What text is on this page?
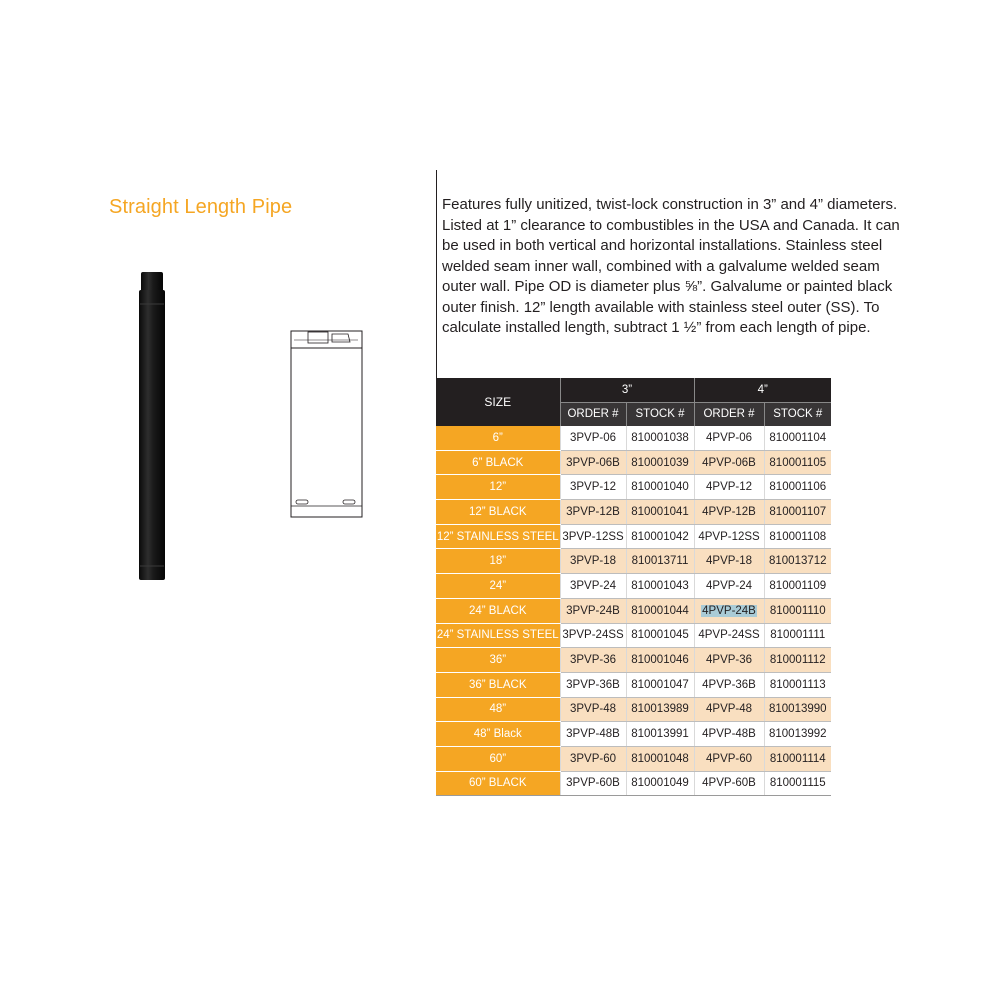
Straight Length Pipe	Features fully unitized, twist-lock construction in 3” and 4” diameters. Listed at 1” clearance to combustibles in the USA and Canada. It can be used in both vertical and horizontal installations. Stainless steel welded seam inner wall, combined with a galvalume welded seam outer wall. Pipe OD is diameter plus ⅝”. Galvalume or painted black outer finish. 12” length available with stainless steel outer (SS). To calculate installed length, subtract 1 ½” from each length of pipe.
SIZE	3”		4”	
	ORDER #	STOCK #	ORDER #	STOCK #
6”	3PVP-06	810001038	4PVP-06	810001104
6” BLACK	3PVP-06B	810001039	4PVP-06B	810001105
12”	3PVP-12	810001040	4PVP-12	810001106
12” BLACK	3PVP-12B	810001041	4PVP-12B	810001107
12” STAINLESS STEEL	3PVP-12SS	810001042	4PVP-12SS	810001108
18”	3PVP-18	810013711	4PVP-18	810013712
24”	3PVP-24	810001043	4PVP-24	810001109
24” BLACK	3PVP-24B	810001044	4PVP-24B	810001110
24” STAINLESS STEEL	3PVP-24SS	810001045	4PVP-24SS	810001111
36”	3PVP-36	810001046	4PVP-36	810001112
36” BLACK	3PVP-36B	810001047	4PVP-36B	810001113
48”	3PVP-48	810013989	4PVP-48	810013990
48” Black	3PVP-48B	810013991	4PVP-48B	810013992
60”	3PVP-60	810001048	4PVP-60	810001114
60” BLACK	3PVP-60B	810001049	4PVP-60B	810001115
